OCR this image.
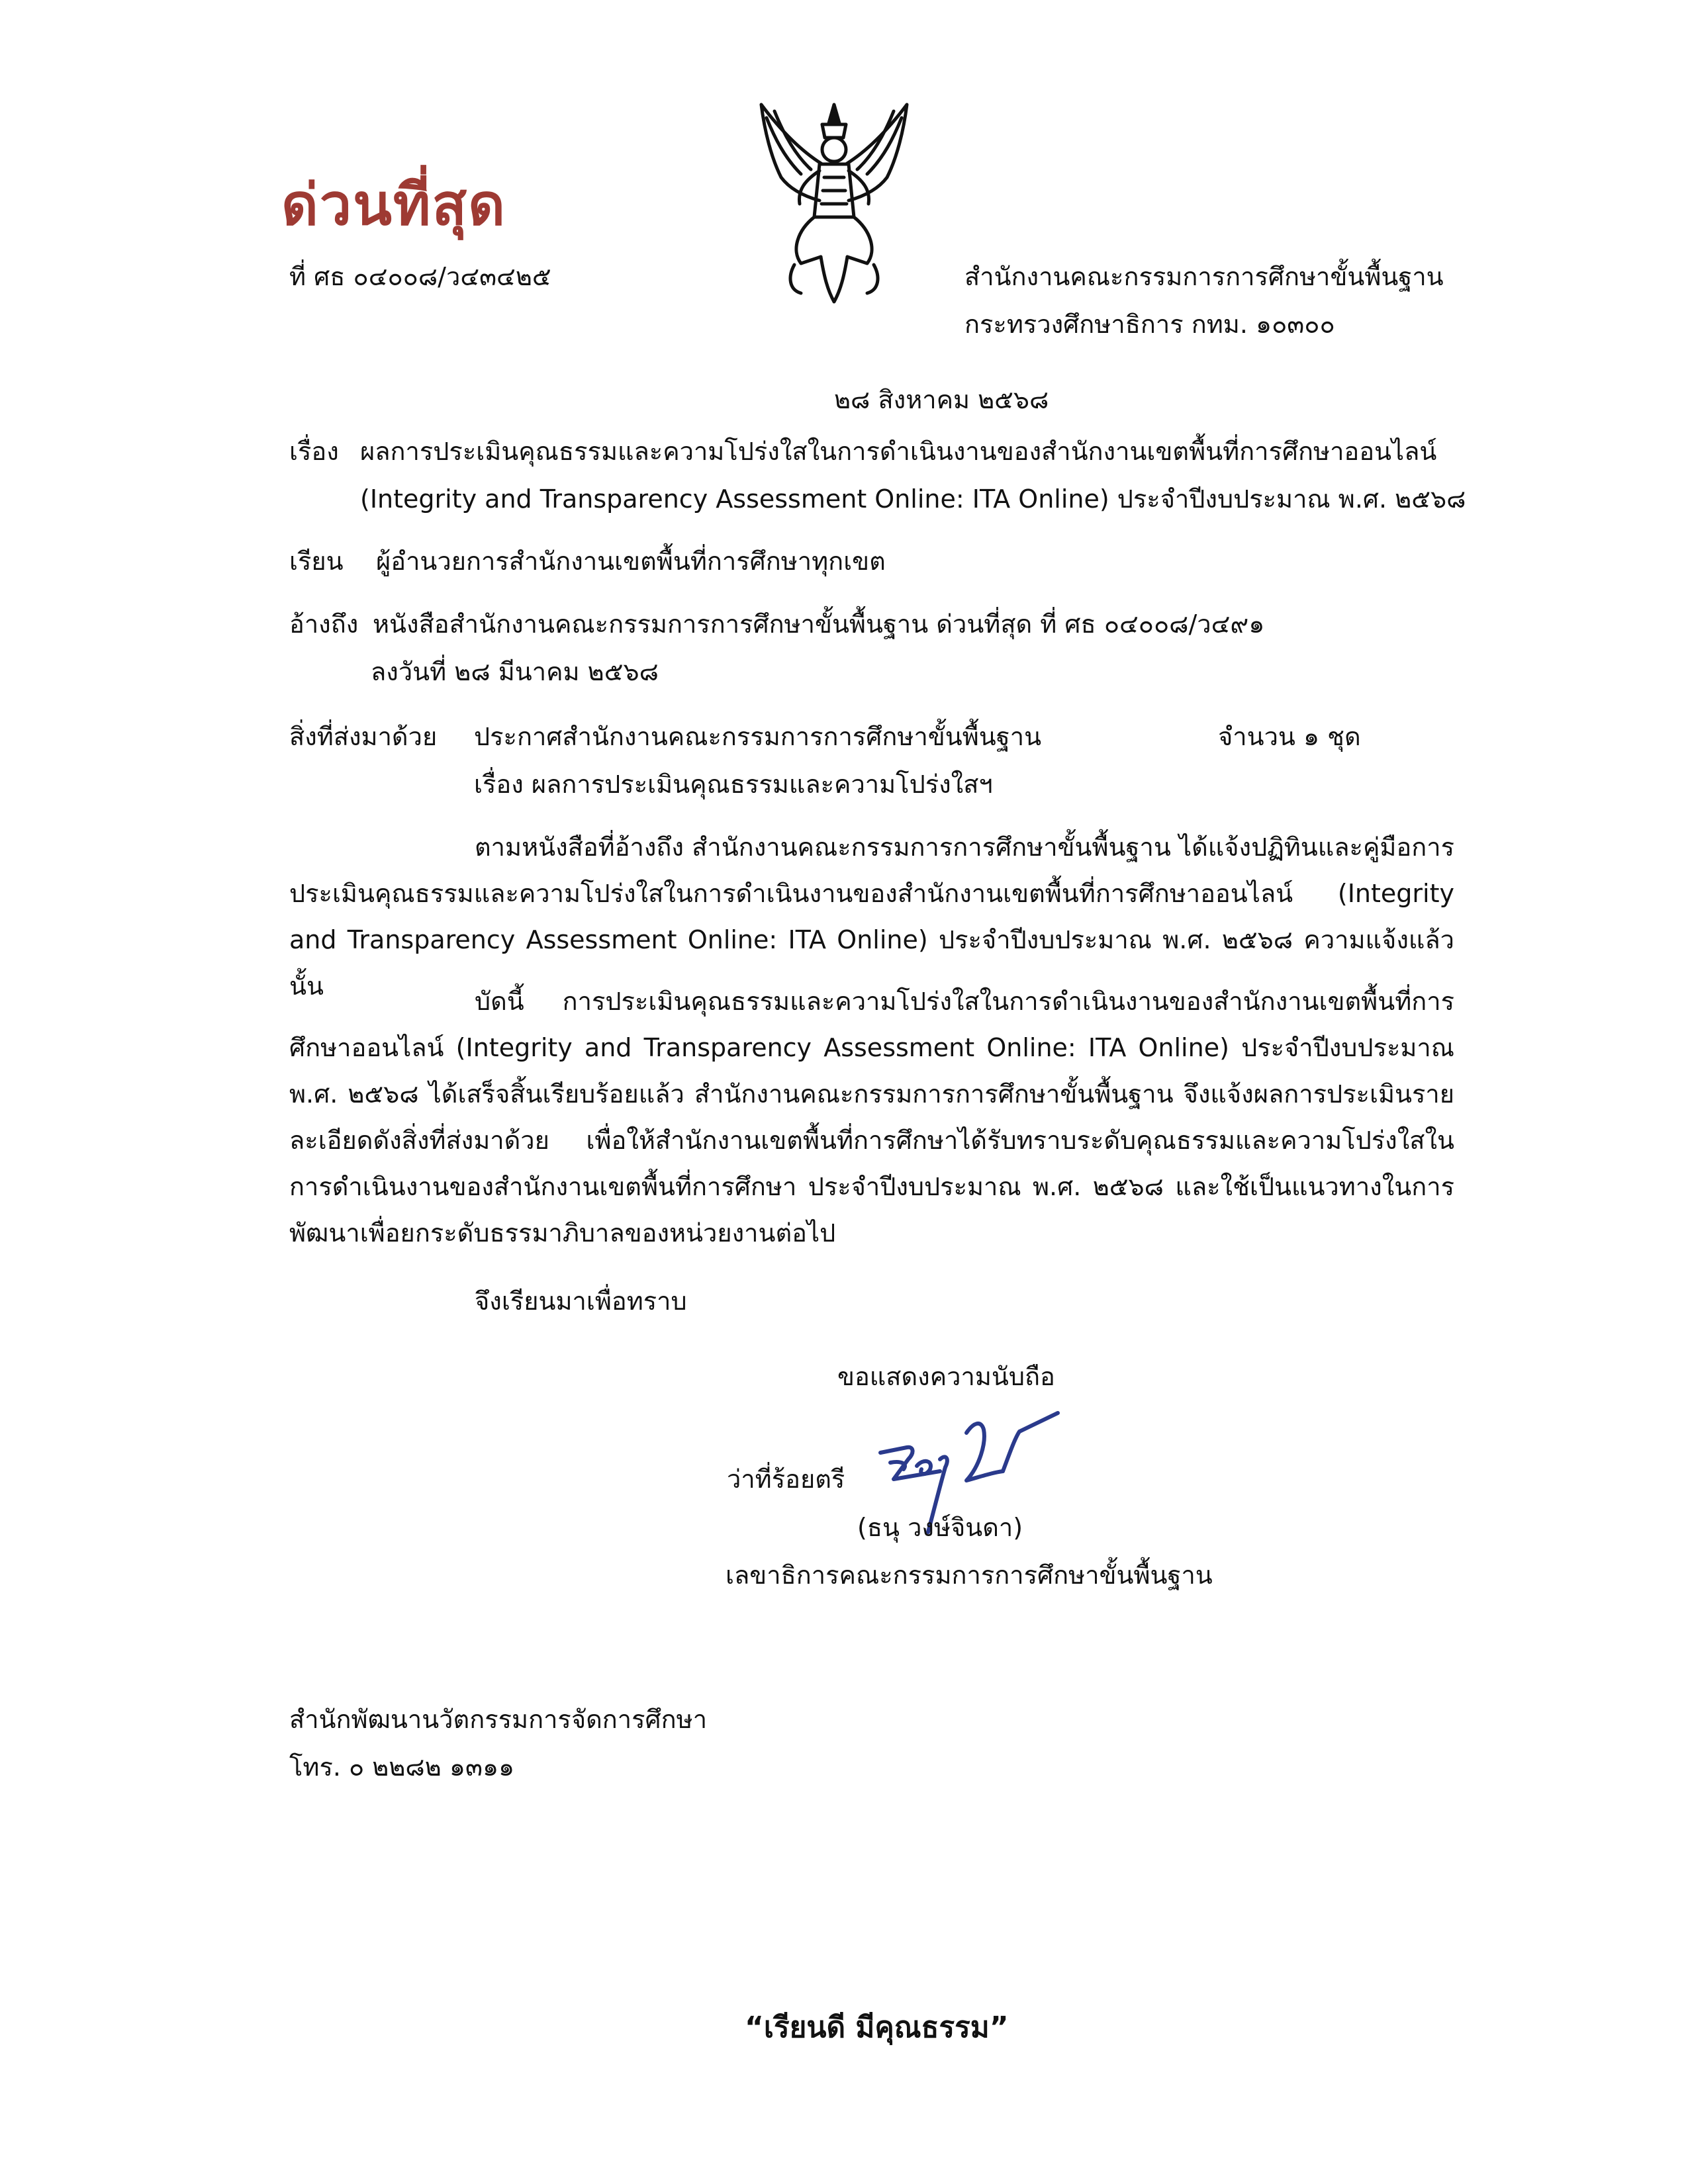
ด่วนที่สุด
ที่ ศธ ๐๔๐๐๘/ว๔๓๔๒๕	สำนักงานคณะกรรมการการศึกษาขั้นพื้นฐาน
กระทรวงศึกษาธิการ กทม. ๑๐๓๐๐
๒๘ สิงหาคม ๒๕๖๘
เรื่อง ผลการประเมินคุณธรรมและความโปร่งใสในการดำเนินงานของสำนักงานเขตพื้นที่การศึกษาออนไลน์
(Integrity and Transparency Assessment Online: ITA Online) ประจำปีงบประมาณ พ.ศ. ๒๕๖๘
เรียน ผู้อำนวยการสำนักงานเขตพื้นที่การศึกษาทุกเขต
อ้างถึง หนังสือสำนักงานคณะกรรมการการศึกษาขั้นพื้นฐาน ด่วนที่สุด ที่ ศธ ๐๔๐๐๘/ว๔๙๑
ลงวันที่ ๒๘ มีนาคม ๒๕๖๘
สิ่งที่ส่งมาด้วย ประกาศสำนักงานคณะกรรมการการศึกษาขั้นพื้นฐาน	จำนวน ๑ ชุด
เรื่อง ผลการประเมินคุณธรรมและความโปร่งใสฯ
ตามหนังสือที่อ้างถึง สำนักงานคณะกรรมการการศึกษาขั้นพื้นฐาน ได้แจ้งปฏิทินและคู่มือการประเมินคุณธรรมและความโปร่งใสในการดำเนินงานของสำนักงานเขตพื้นที่การศึกษาออนไลน์ (Integrity and Transparency Assessment Online: ITA Online) ประจำปีงบประมาณ พ.ศ. ๒๕๖๘ ความแจ้งแล้วนั้น
บัดนี้ การประเมินคุณธรรมและความโปร่งใสในการดำเนินงานของสำนักงานเขตพื้นที่การศึกษาออนไลน์ (Integrity and Transparency Assessment Online: ITA Online) ประจำปีงบประมาณ พ.ศ. ๒๕๖๘ ได้เสร็จสิ้นเรียบร้อยแล้ว สำนักงานคณะกรรมการการศึกษาขั้นพื้นฐาน จึงแจ้งผลการประเมินรายละเอียดดังสิ่งที่ส่งมาด้วย เพื่อให้สำนักงานเขตพื้นที่การศึกษาได้รับทราบระดับคุณธรรมและความโปร่งใสในการดำเนินงานของสำนักงานเขตพื้นที่การศึกษา ประจำปีงบประมาณ พ.ศ. ๒๕๖๘ และใช้เป็นแนวทางในการพัฒนาเพื่อยกระดับธรรมาภิบาลของหน่วยงานต่อไป
จึงเรียนมาเพื่อทราบ
ขอแสดงความนับถือ
ว่าที่ร้อยตรี
(ธนุ วงษ์จินดา)
เลขาธิการคณะกรรมการการศึกษาขั้นพื้นฐาน
สำนักพัฒนานวัตกรรมการจัดการศึกษา
โทร. ๐ ๒๒๘๒ ๑๓๑๑
“เรียนดี มีคุณธรรม”
